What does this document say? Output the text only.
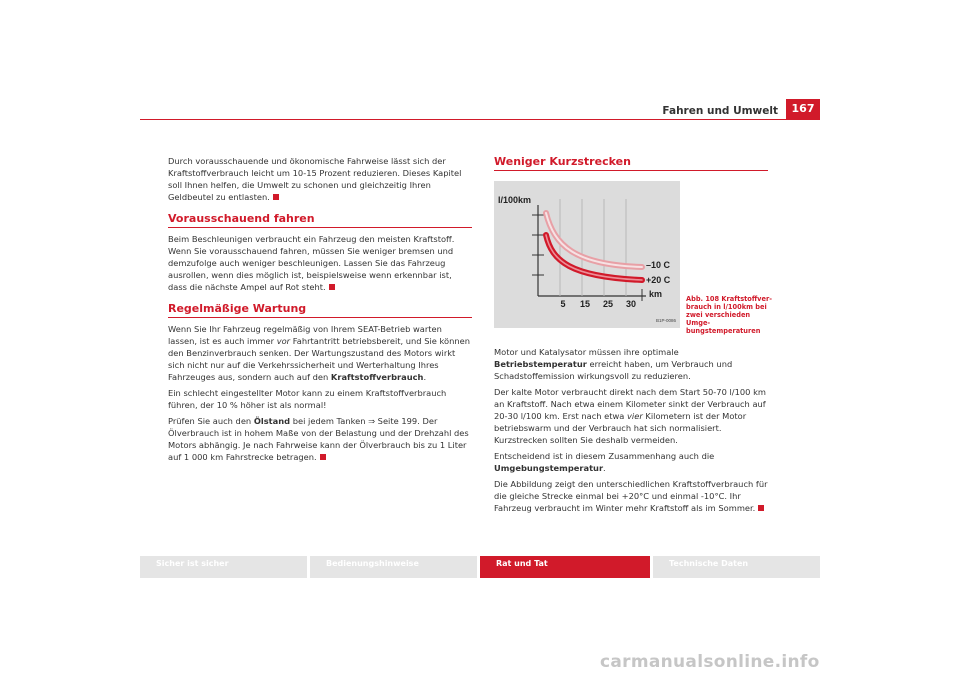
Fahren und Umwelt	167

Durch vorausschauende und ökonomische Fahrweise lässt sich der Kraftstoffverbrauch leicht um 10-15 Prozent reduzieren. Dieses Kapitel soll Ihnen helfen, die Umwelt zu schonen und gleichzeitig Ihren Geldbeutel zu entlasten.

Vorausschauend fahren

Beim Beschleunigen verbraucht ein Fahrzeug den meisten Kraftstoff. Wenn Sie vorausschauend fahren, müssen Sie weniger bremsen und demzufolge auch weniger beschleunigen. Lassen Sie das Fahrzeug ausrollen, wenn dies möglich ist, beispielsweise wenn erkennbar ist, dass die nächste Ampel auf Rot steht.

Regelmäßige Wartung

Wenn Sie Ihr Fahrzeug regelmäßig von Ihrem SEAT-Betrieb warten lassen, ist es auch immer vor Fahrtantritt betriebsbereit, und Sie können den Benzinverbrauch senken. Der Wartungszustand des Motors wirkt sich nicht nur auf die Verkehrssicherheit und Werterhaltung Ihres Fahrzeuges aus, sondern auch auf den Kraftstoffverbrauch.

Ein schlecht eingestellter Motor kann zu einem Kraftstoffverbrauch führen, der 10 % höher ist als normal!

Prüfen Sie auch den Ölstand bei jedem Tanken ⇒ Seite 199. Der Ölverbrauch ist in hohem Maße von der Belastung und der Drehzahl des Motors abhängig. Je nach Fahrweise kann der Ölverbrauch bis zu 1 Liter auf 1 000 km Fahrstrecke betragen.

Weniger Kurzstrecken
l/100km
–10 C
+20 C
km
5 15 25 30
B1P-0086
Abb. 108 Kraftstoffverbrauch in l/100km bei zwei verschieden Umgebungstemperaturen

Motor und Katalysator müssen ihre optimale Betriebstemperatur erreicht haben, um Verbrauch und Schadstoffemission wirkungsvoll zu reduzieren.

Der kalte Motor verbraucht direkt nach dem Start 50-70 l/100 km an Kraftstoff. Nach etwa einem Kilometer sinkt der Verbrauch auf 20-30 l/100 km. Erst nach etwa vier Kilometern ist der Motor betriebswarm und der Verbrauch hat sich normalisiert. Kurzstrecken sollten Sie deshalb vermeiden.

Entscheidend ist in diesem Zusammenhang auch die Umgebungstemperatur.

Die Abbildung zeigt den unterschiedlichen Kraftstoffverbrauch für die gleiche Strecke einmal bei +20°C und einmal -10°C. Ihr Fahrzeug verbraucht im Winter mehr Kraftstoff als im Sommer.

Sicher ist sicher	Bedienungshinweise	Rat und Tat	Technische Daten
carmanualsonline.info
